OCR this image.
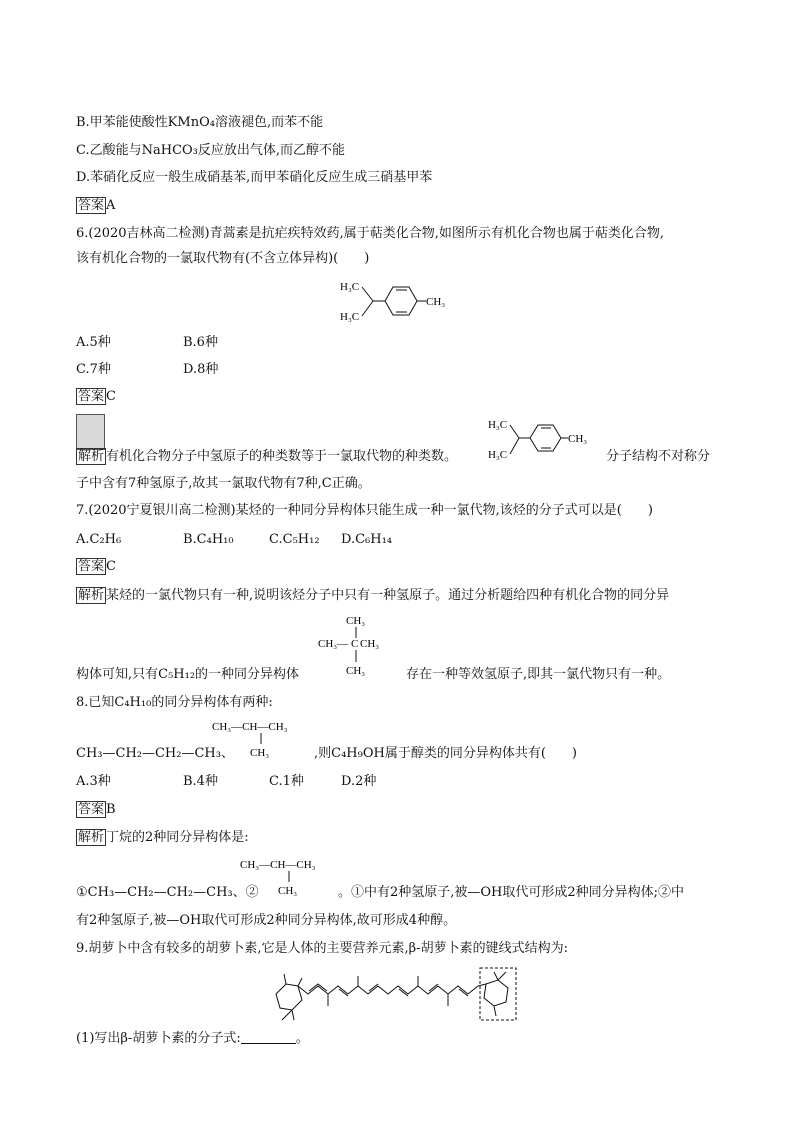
B.甲苯能使酸性KMnO₄溶液褪色,而苯不能
C.乙酸能与NaHCO₃反应放出气体,而乙醇不能
D.苯硝化反应一般生成硝基苯,而甲苯硝化反应生成三硝基甲苯
答案 A
6.(2020吉林高二检测)青蒿素是抗疟疾特效药,属于萜类化合物,如图所示有机化合物也属于萜类化合物,
该有机化合物的一氯取代物有(不含立体异构)(　　)
H₃C
H₃C
CH₃
A.5种	B.6种
C.7种	D.8种
答案 C
解析 有机化合物分子中氢原子的种类数等于一氯取代物的种类数。
H₃C
H₃C
CH₃
分子结构不对称分
子中含有7种氢原子,故其一氯取代物有7种,C正确。
7.(2020宁夏银川高二检测)某烃的一种同分异构体只能生成一种一氯代物,该烃的分子式可以是(　　)
A.C₂H₆	B.C₄H₁₀	C.C₅H₁₂ D.C₆H₁₄
答案 C
解析 某烃的一氯代物只有一种,说明该烃分子中只有一种氢原子。通过分析题给四种有机化合物的同分异
CH₃
CH₃— C CH₃
CH₃
构体可知,只有C₅H₁₂的一种同分异构体	存在一种等效氢原子,即其一氯代物只有一种。
8.已知C₄H₁₀的同分异构体有两种:
CH₃—CH—CH₃
CH₃
CH₃—CH₂—CH₂—CH₃、	,则C₄H₉OH属于醇类的同分异构体共有(　　)
A.3种	B.4种	C.1种	D.2种
答案 B
解析 丁烷的2种同分异构体是:
CH₃—CH—CH₃
CH₃
①CH₃—CH₂—CH₂—CH₃、②	。①中有2种氢原子,被—OH取代可形成2种同分异构体;②中
有2种氢原子,被—OH取代可形成2种同分异构体,故可形成4种醇。
9.胡萝卜中含有较多的胡萝卜素,它是人体的主要营养元素,β-胡萝卜素的键线式结构为:
(1)写出β-胡萝卜素的分子式:	。
